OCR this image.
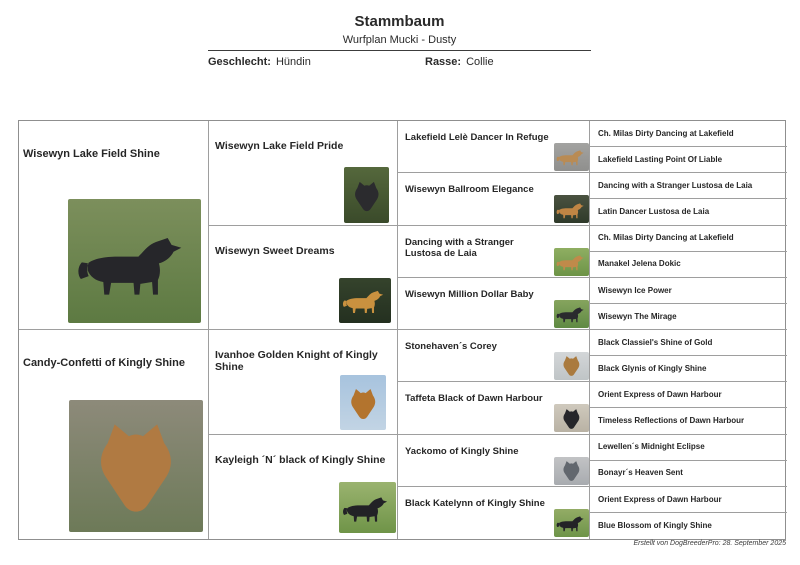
Stammbaum
Wurfplan Mucki - Dusty
Geschlecht: Hündin	Rasse: Collie
Wisewyn Lake Field Shine
Candy-Confetti of Kingly Shine
Wisewyn Lake Field Pride
Wisewyn Sweet Dreams
Ivanhoe Golden Knight of Kingly Shine
Kayleigh ´N´ black of Kingly Shine
Lakefield Lelè Dancer In Refuge
Wisewyn Ballroom Elegance
Dancing with a Stranger Lustosa de Laia
Wisewyn Million Dollar Baby
Stonehaven´s Corey
Taffeta Black of Dawn Harbour
Yackomo of Kingly Shine
Black Katelynn of Kingly Shine
Ch. Milas Dirty Dancing at Lakefield
Lakefield Lasting Point Of Liable
Dancing with a Stranger Lustosa de Laia
Latin Dancer Lustosa de Laia
Ch. Milas Dirty Dancing at Lakefield
Manakel Jelena Dokic
Wisewyn Ice Power
Wisewyn The Mirage
Black Classiel's Shine of Gold
Black Glynis of Kingly Shine
Orient Express of Dawn Harbour
Timeless Reflections of Dawn Harbour
Lewellen´s Midnight Eclipse
Bonayr´s Heaven Sent
Orient Express of Dawn Harbour
Blue Blossom of Kingly Shine
Erstellt von DogBreederPro: 28. September 2025
